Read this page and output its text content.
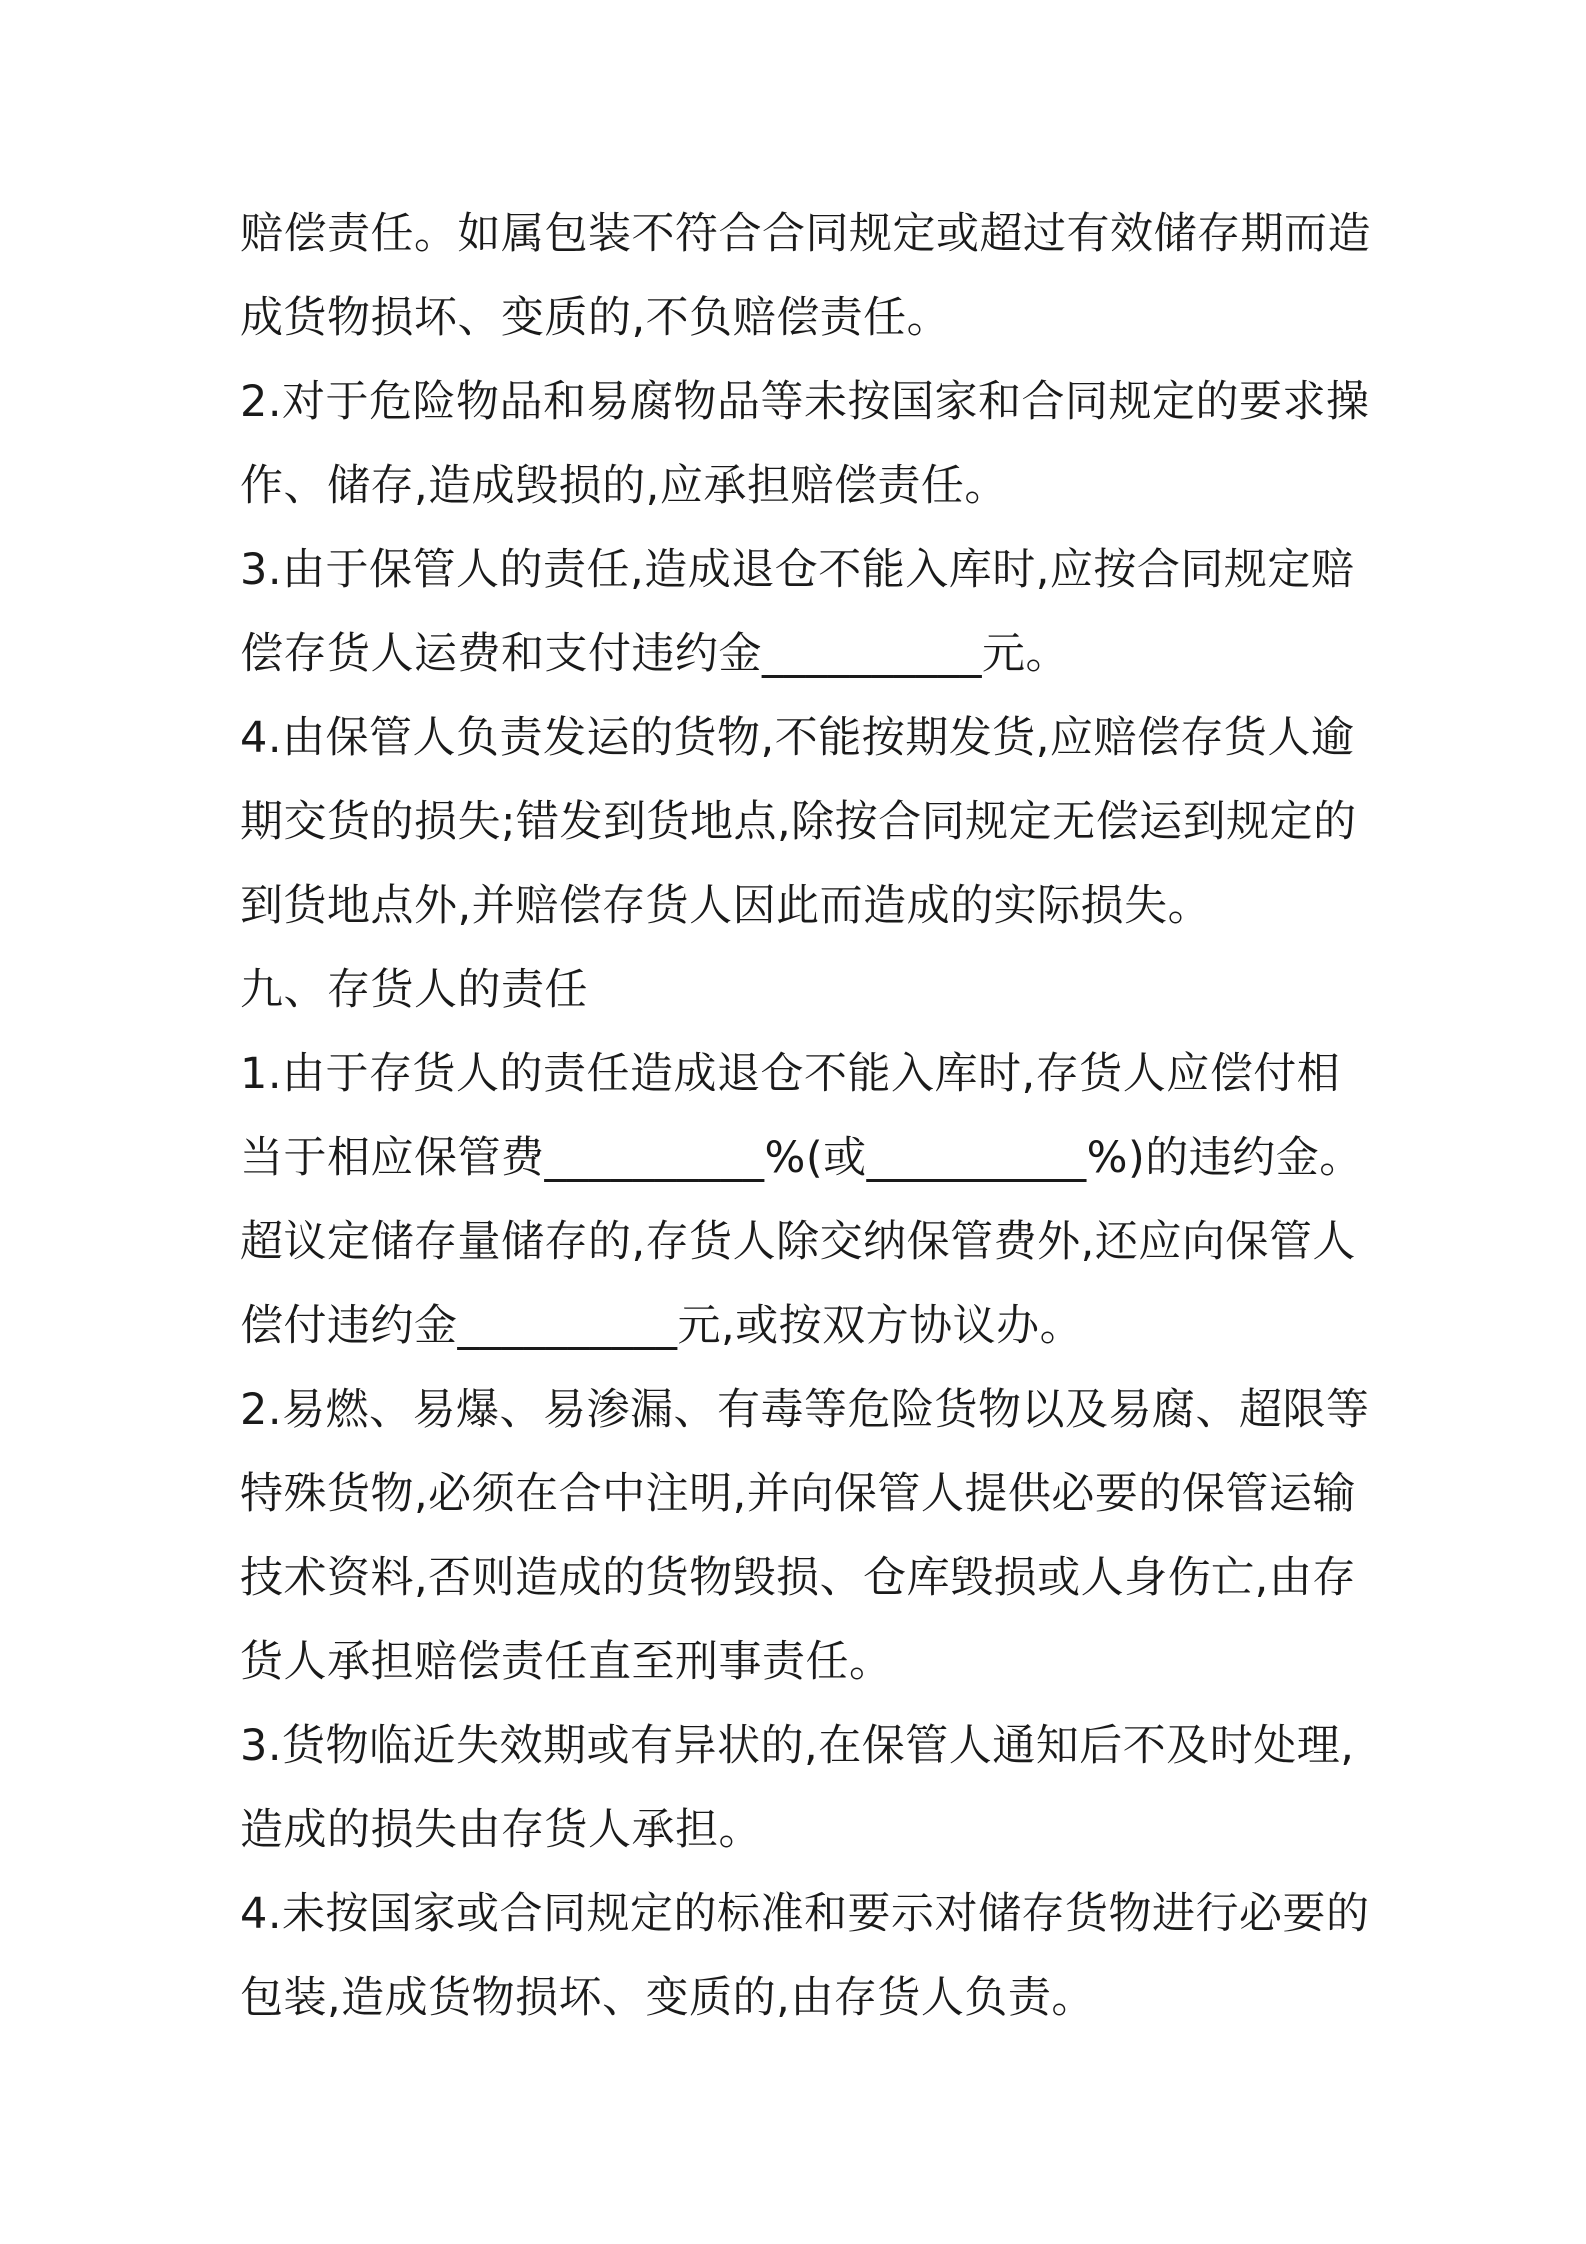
赔偿责任。如属包装不符合合同规定或超过有效储存期而造
成货物损坏、变质的,不负赔偿责任。
2.对于危险物品和易腐物品等未按国家和合同规定的要求操
作、储存,造成毁损的,应承担赔偿责任。
3.由于保管人的责任,造成退仓不能入库时,应按合同规定赔
偿存货人运费和支付违约金__________元。
4.由保管人负责发运的货物,不能按期发货,应赔偿存货人逾
期交货的损失;错发到货地点,除按合同规定无偿运到规定的
到货地点外,并赔偿存货人因此而造成的实际损失。
九、存货人的责任
1.由于存货人的责任造成退仓不能入库时,存货人应偿付相
当于相应保管费__________%(或__________%)的违约金。
超议定储存量储存的,存货人除交纳保管费外,还应向保管人
偿付违约金__________元,或按双方协议办。
2.易燃、易爆、易渗漏、有毒等危险货物以及易腐、超限等
特殊货物,必须在合中注明,并向保管人提供必要的保管运输
技术资料,否则造成的货物毁损、仓库毁损或人身伤亡,由存
货人承担赔偿责任直至刑事责任。
3.货物临近失效期或有异状的,在保管人通知后不及时处理,
造成的损失由存货人承担。
4.未按国家或合同规定的标准和要示对储存货物进行必要的
包装,造成货物损坏、变质的,由存货人负责。
